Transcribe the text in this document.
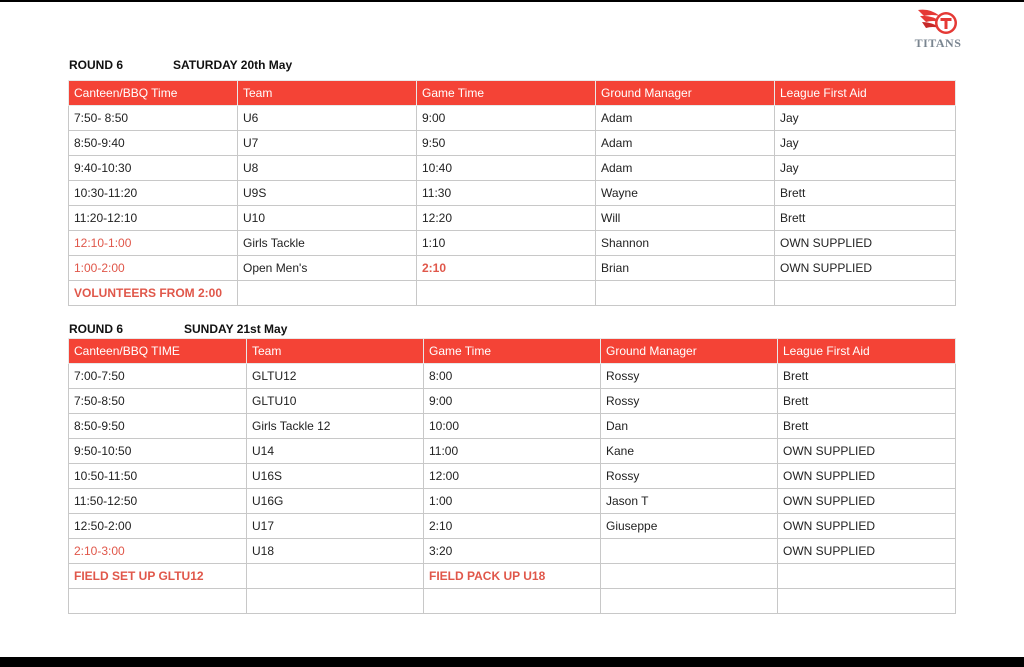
TITANS
ROUND 6	SATURDAY 20th May
Canteen/BBQ Time	Team	Game Time	Ground Manager	League First Aid
7:50- 8:50	U6	9:00	Adam	Jay
8:50-9:40	U7	9:50	Adam	Jay
9:40-10:30	U8	10:40	Adam	Jay
10:30-11:20	U9S	11:30	Wayne	Brett
11:20-12:10	U10	12:20	Will	Brett
12:10-1:00	Girls Tackle	1:10	Shannon	OWN SUPPLIED
1:00-2:00	Open Men's	2:10	Brian	OWN SUPPLIED
VOLUNTEERS FROM 2:00				
ROUND 6	SUNDAY 21st May
Canteen/BBQ TIME	Team	Game Time	Ground Manager	League First Aid
7:00-7:50	GLTU12	8:00	Rossy	Brett
7:50-8:50	GLTU10	9:00	Rossy	Brett
8:50-9:50	Girls Tackle 12	10:00	Dan	Brett
9:50-10:50	U14	11:00	Kane	OWN SUPPLIED
10:50-11:50	U16S	12:00	Rossy	OWN SUPPLIED
11:50-12:50	U16G	1:00	Jason T	OWN SUPPLIED
12:50-2:00	U17	2:10	Giuseppe	OWN SUPPLIED
2:10-3:00	U18	3:20		OWN SUPPLIED
FIELD SET UP GLTU12		FIELD PACK UP U18		
